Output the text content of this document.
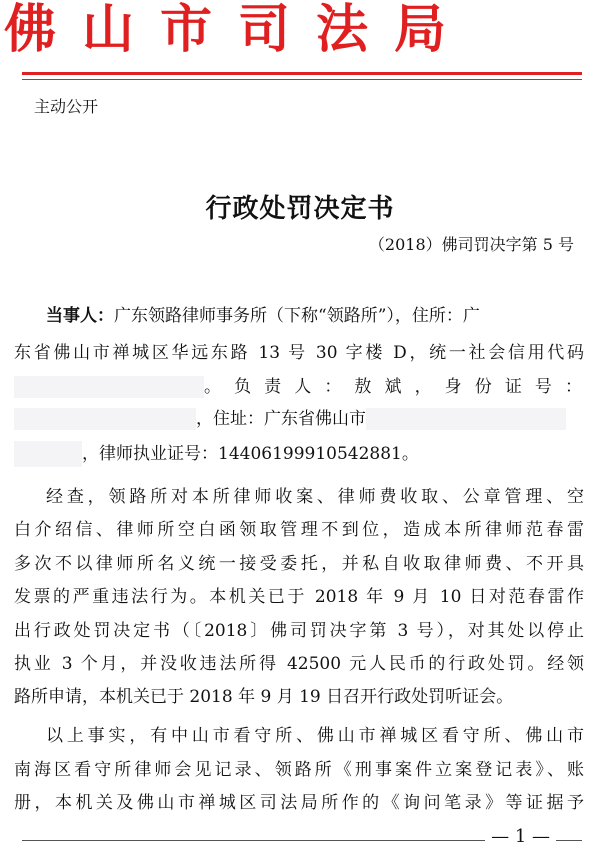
佛山市司法局
主动公开
行政处罚决定书
（2018）佛司罚决字第 5 号
当事人：广东领路律师事务所（下称“领路所”），住所：广
东省佛山市禅城区华远东路 13 号 30 字楼 D，统一社会信用代码
。 负 责 人 ： 敖 斌 ， 身 份 证 号 ：
，住址：广东省佛山市
，律师执业证号：14406199910542881。
经查，领路所对本所律师收案、律师费收取、公章管理、空
白介绍信、律师所空白函领取管理不到位，造成本所律师范春雷
多次不以律师所名义统一接受委托，并私自收取律师费、不开具
发票的严重违法行为。本机关已于 2018 年 9 月 10 日对范春雷作
出行政处罚决定书（〔2018〕佛司罚决字第 3 号），对其处以停止
执业 3 个月，并没收违法所得 42500 元人民币的行政处罚。经领
路所申请，本机关已于 2018 年 9 月 19 日召开行政处罚听证会。
以上事实，有中山市看守所、佛山市禅城区看守所、佛山市
南海区看守所律师会见记录、领路所《刑事案件立案登记表》、账
册，本机关及佛山市禅城区司法局所作的《询问笔录》等证据予
— 1 —
